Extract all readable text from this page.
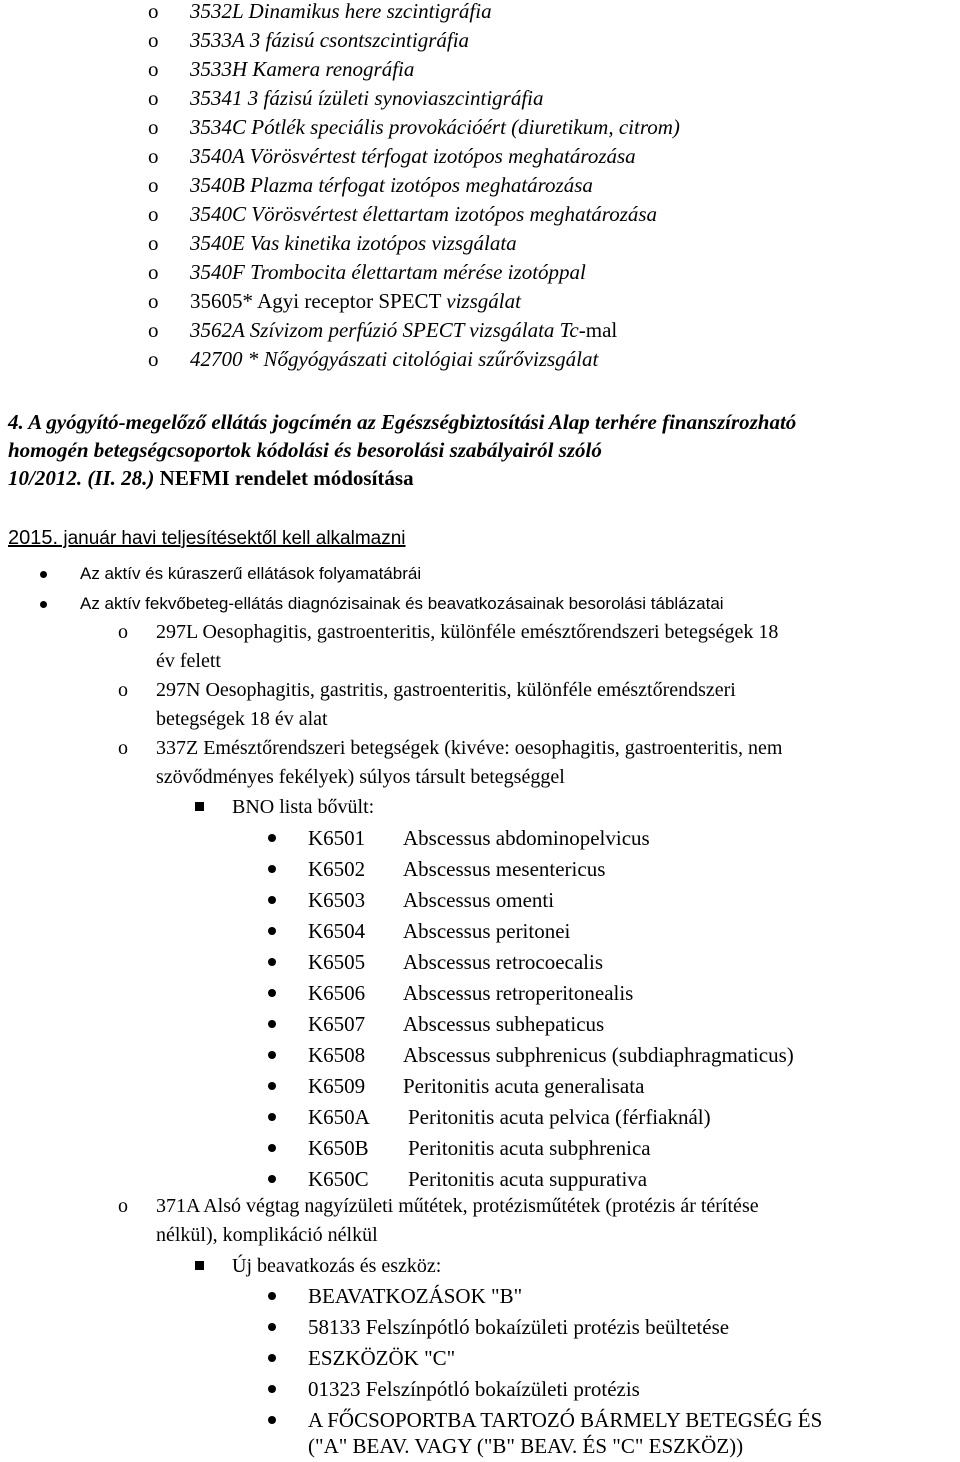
o 3532L Dinamikus here szcintigráfia
o 3533A 3 fázisú csontszcintigráfia
o 3533H Kamera renográfia
o 35341 3 fázisú ízületi synoviaszcintigráfia
o 3534C Pótlék speciális provokációért (diuretikum, citrom)
o 3540A Vörösvértest térfogat izotópos meghatározása
o 3540B Plazma térfogat izotópos meghatározása
o 3540C Vörösvértest élettartam izotópos meghatározása
o 3540E Vas kinetika izotópos vizsgálata
o 3540F Trombocita élettartam mérése izotóppal
o 35605* Agyi receptor SPECT vizsgálat
o 3562A Szívizom perfúzió SPECT vizsgálata Tc-mal
o 42700 * Nőgyógyászati citológiai szűrővizsgálat
4. A gyógyító-megelőző ellátás jogcímén az Egészségbiztosítási Alap terhére finanszírozható
homogén betegségcsoportok kódolási és besorolási szabályairól szóló
10/2012. (II. 28.) NEFMI rendelet módosítása
2015. január havi teljesítésektől kell alkalmazni
Az aktív és kúraszerű ellátások folyamatábrái
Az aktív fekvőbeteg-ellátás diagnózisainak és beavatkozásainak besorolási táblázatai
o 297L Oesophagitis, gastroenteritis, különféle emésztőrendszeri betegségek 18
év felett
o 297N Oesophagitis, gastritis, gastroenteritis, különféle emésztőrendszeri
betegségek 18 év alat
o 337Z Emésztőrendszeri betegségek (kivéve: oesophagitis, gastroenteritis, nem
szövődményes fekélyek) súlyos társult betegséggel
BNO lista bővült:
K6501 Abscessus abdominopelvicus
K6502 Abscessus mesentericus
K6503 Abscessus omenti
K6504 Abscessus peritonei
K6505 Abscessus retrocoecalis
K6506 Abscessus retroperitonealis
K6507 Abscessus subhepaticus
K6508 Abscessus subphrenicus (subdiaphragmaticus)
K6509 Peritonitis acuta generalisata
K650A Peritonitis acuta pelvica (férfiaknál)
K650B Peritonitis acuta subphrenica
K650C Peritonitis acuta suppurativa
o 371A Alsó végtag nagyízületi műtétek, protézisműtétek (protézis ár térítése
nélkül), komplikáció nélkül
Új beavatkozás és eszköz:
BEAVATKOZÁSOK "B"
58133 Felszínpótló bokaízületi protézis beültetése
ESZKÖZÖK "C"
01323 Felszínpótló bokaízületi protézis
A FŐCSOPORTBA TARTOZÓ BÁRMELY BETEGSÉG ÉS
("A" BEAV. VAGY ("B" BEAV. ÉS "C" ESZKÖZ))
